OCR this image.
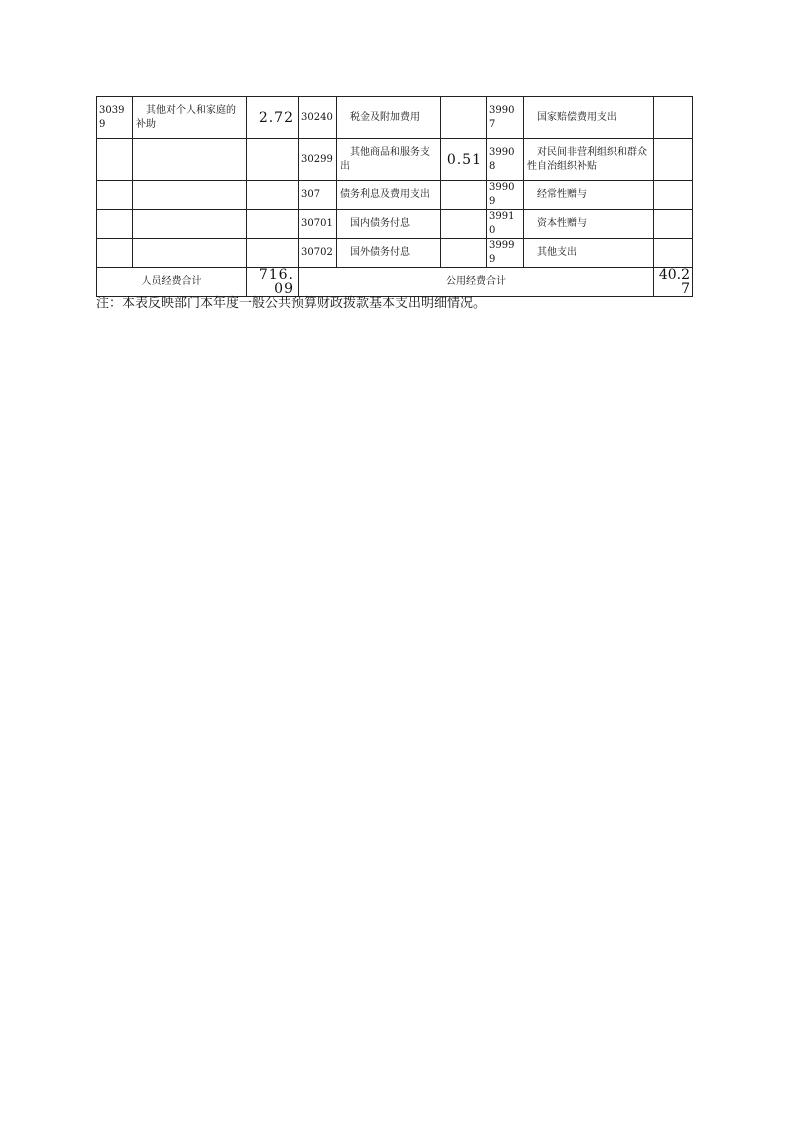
30399	其他对个人和家庭的补助	2.72	30240	税金及附加费用		39907	国家赔偿费用支出	
			30299	其他商品和服务支出	0.51	39908	对民间非营利组织和群众性自治组织补贴	
			307	债务利息及费用支出		39909	经常性赠与	
			30701	国内债务付息		39910	资本性赠与	
			30702	国外债务付息		39999	其他支出	
人员经费合计		716.09	公用经费合计					40.27
注：本表反映部门本年度一般公共预算财政拨款基本支出明细情况。
